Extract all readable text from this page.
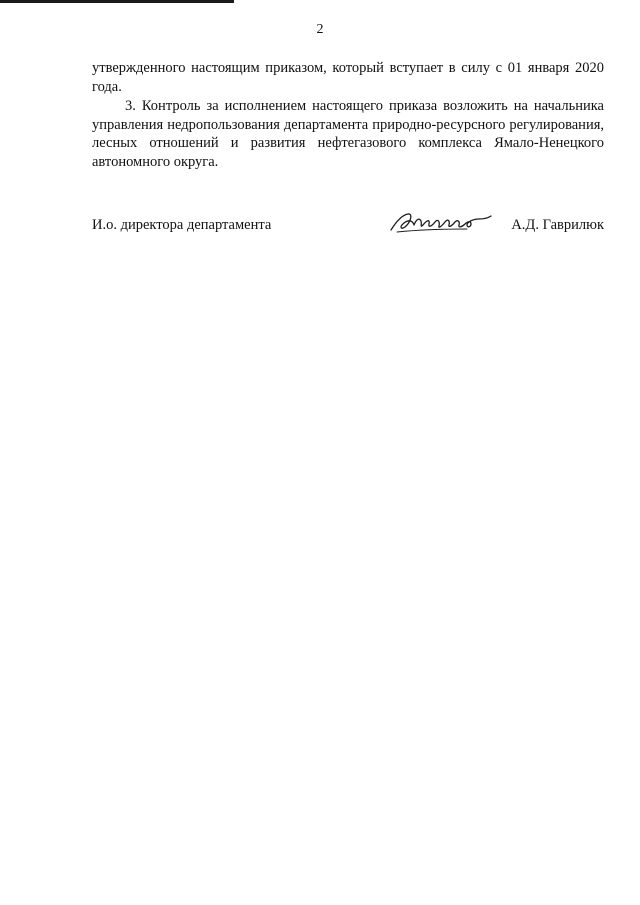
2

утвержденного настоящим приказом, который вступает в силу с 01 января 2020 года.

3. Контроль за исполнением настоящего приказа возложить на начальника управления недропользования департамента природно-ресурсного регулирования, лесных отношений и развития нефтегазового комплекса Ямало-Ненецкого автономного округа.

И.о. директора департамента	А.Д. Гаврилюк
